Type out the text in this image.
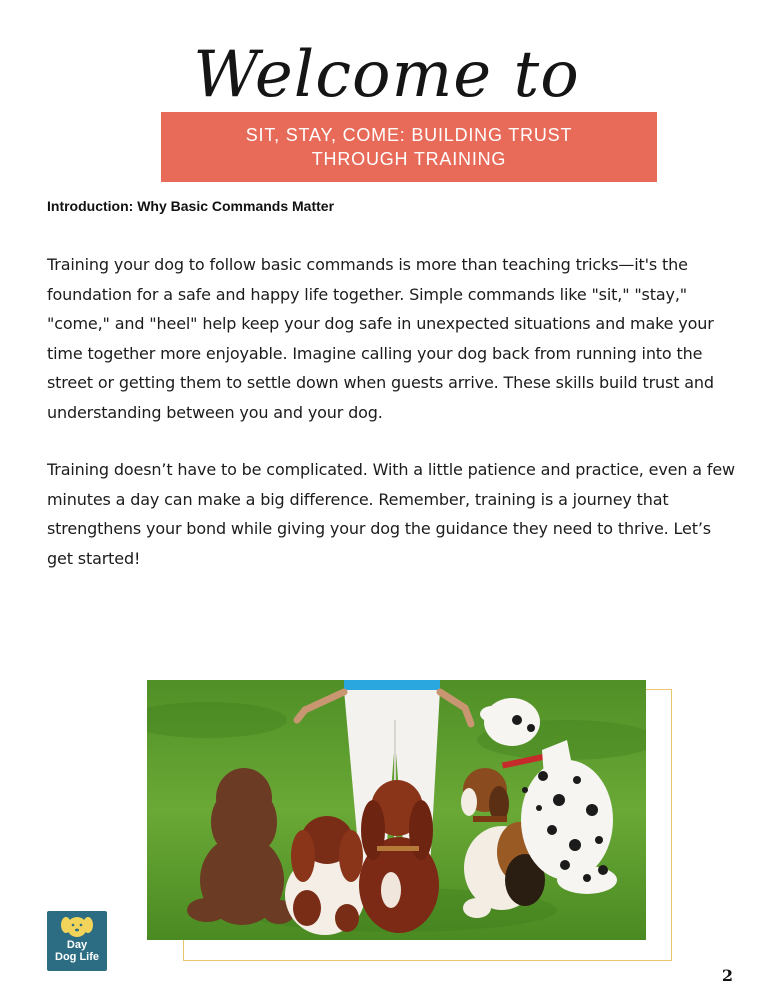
Welcome to
SIT, STAY, COME: BUILDING TRUST
THROUGH TRAINING
Introduction: Why Basic Commands Matter

Training your dog to follow basic commands is more than teaching tricks—it's the foundation for a safe and happy life together. Simple commands like "sit," "stay," "come," and "heel" help keep your dog safe in unexpected situations and make your time together more enjoyable. Imagine calling your dog back from running into the street or getting them to settle down when guests arrive. These skills build trust and understanding between you and your dog.

Training doesn’t have to be complicated. With a little patience and practice, even a few minutes a day can make a big difference. Remember, training is a journey that strengthens your bond while giving your dog the guidance they need to thrive. Let’s get started!

Day
Dog Life
2
